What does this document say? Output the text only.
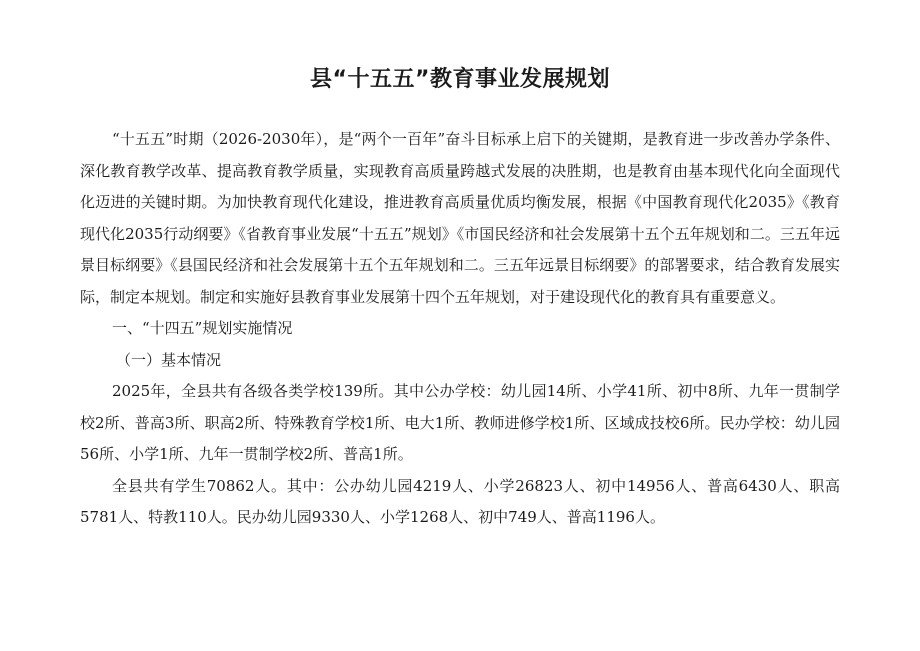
县“十五五”教育事业发展规划

“十五五”时期（2026-2030年），是“两个一百年”奋斗目标承上启下的关键期，是教育进一步改善办学条件、深化教育教学改革、提高教育教学质量，实现教育高质量跨越式发展的决胜期，也是教育由基本现代化向全面现代化迈进的关键时期。为加快教育现代化建设，推进教育高质量优质均衡发展，根据《中国教育现代化2035》《教育现代化2035行动纲要》《省教育事业发展“十五五”规划》《市国民经济和社会发展第十五个五年规划和二。三五年远景目标纲要》《县国民经济和社会发展第十五个五年规划和二。三五年远景目标纲要》的部署要求，结合教育发展实际，制定本规划。制定和实施好县教育事业发展第十四个五年规划，对于建设现代化的教育具有重要意义。

一、“十四五”规划实施情况

（一）基本情况

2025年，全县共有各级各类学校139所。其中公办学校：幼儿园14所、小学41所、初中8所、九年一贯制学校2所、普高3所、职高2所、特殊教育学校1所、电大1所、教师进修学校1所、区域成技校6所。民办学校：幼儿园56所、小学1所、九年一贯制学校2所、普高1所。

全县共有学生70862人。其中：公办幼儿园4219人、小学26823人、初中14956人、普高6430人、职高5781人、特教110人。民办幼儿园9330人、小学1268人、初中749人、普高1196人。
